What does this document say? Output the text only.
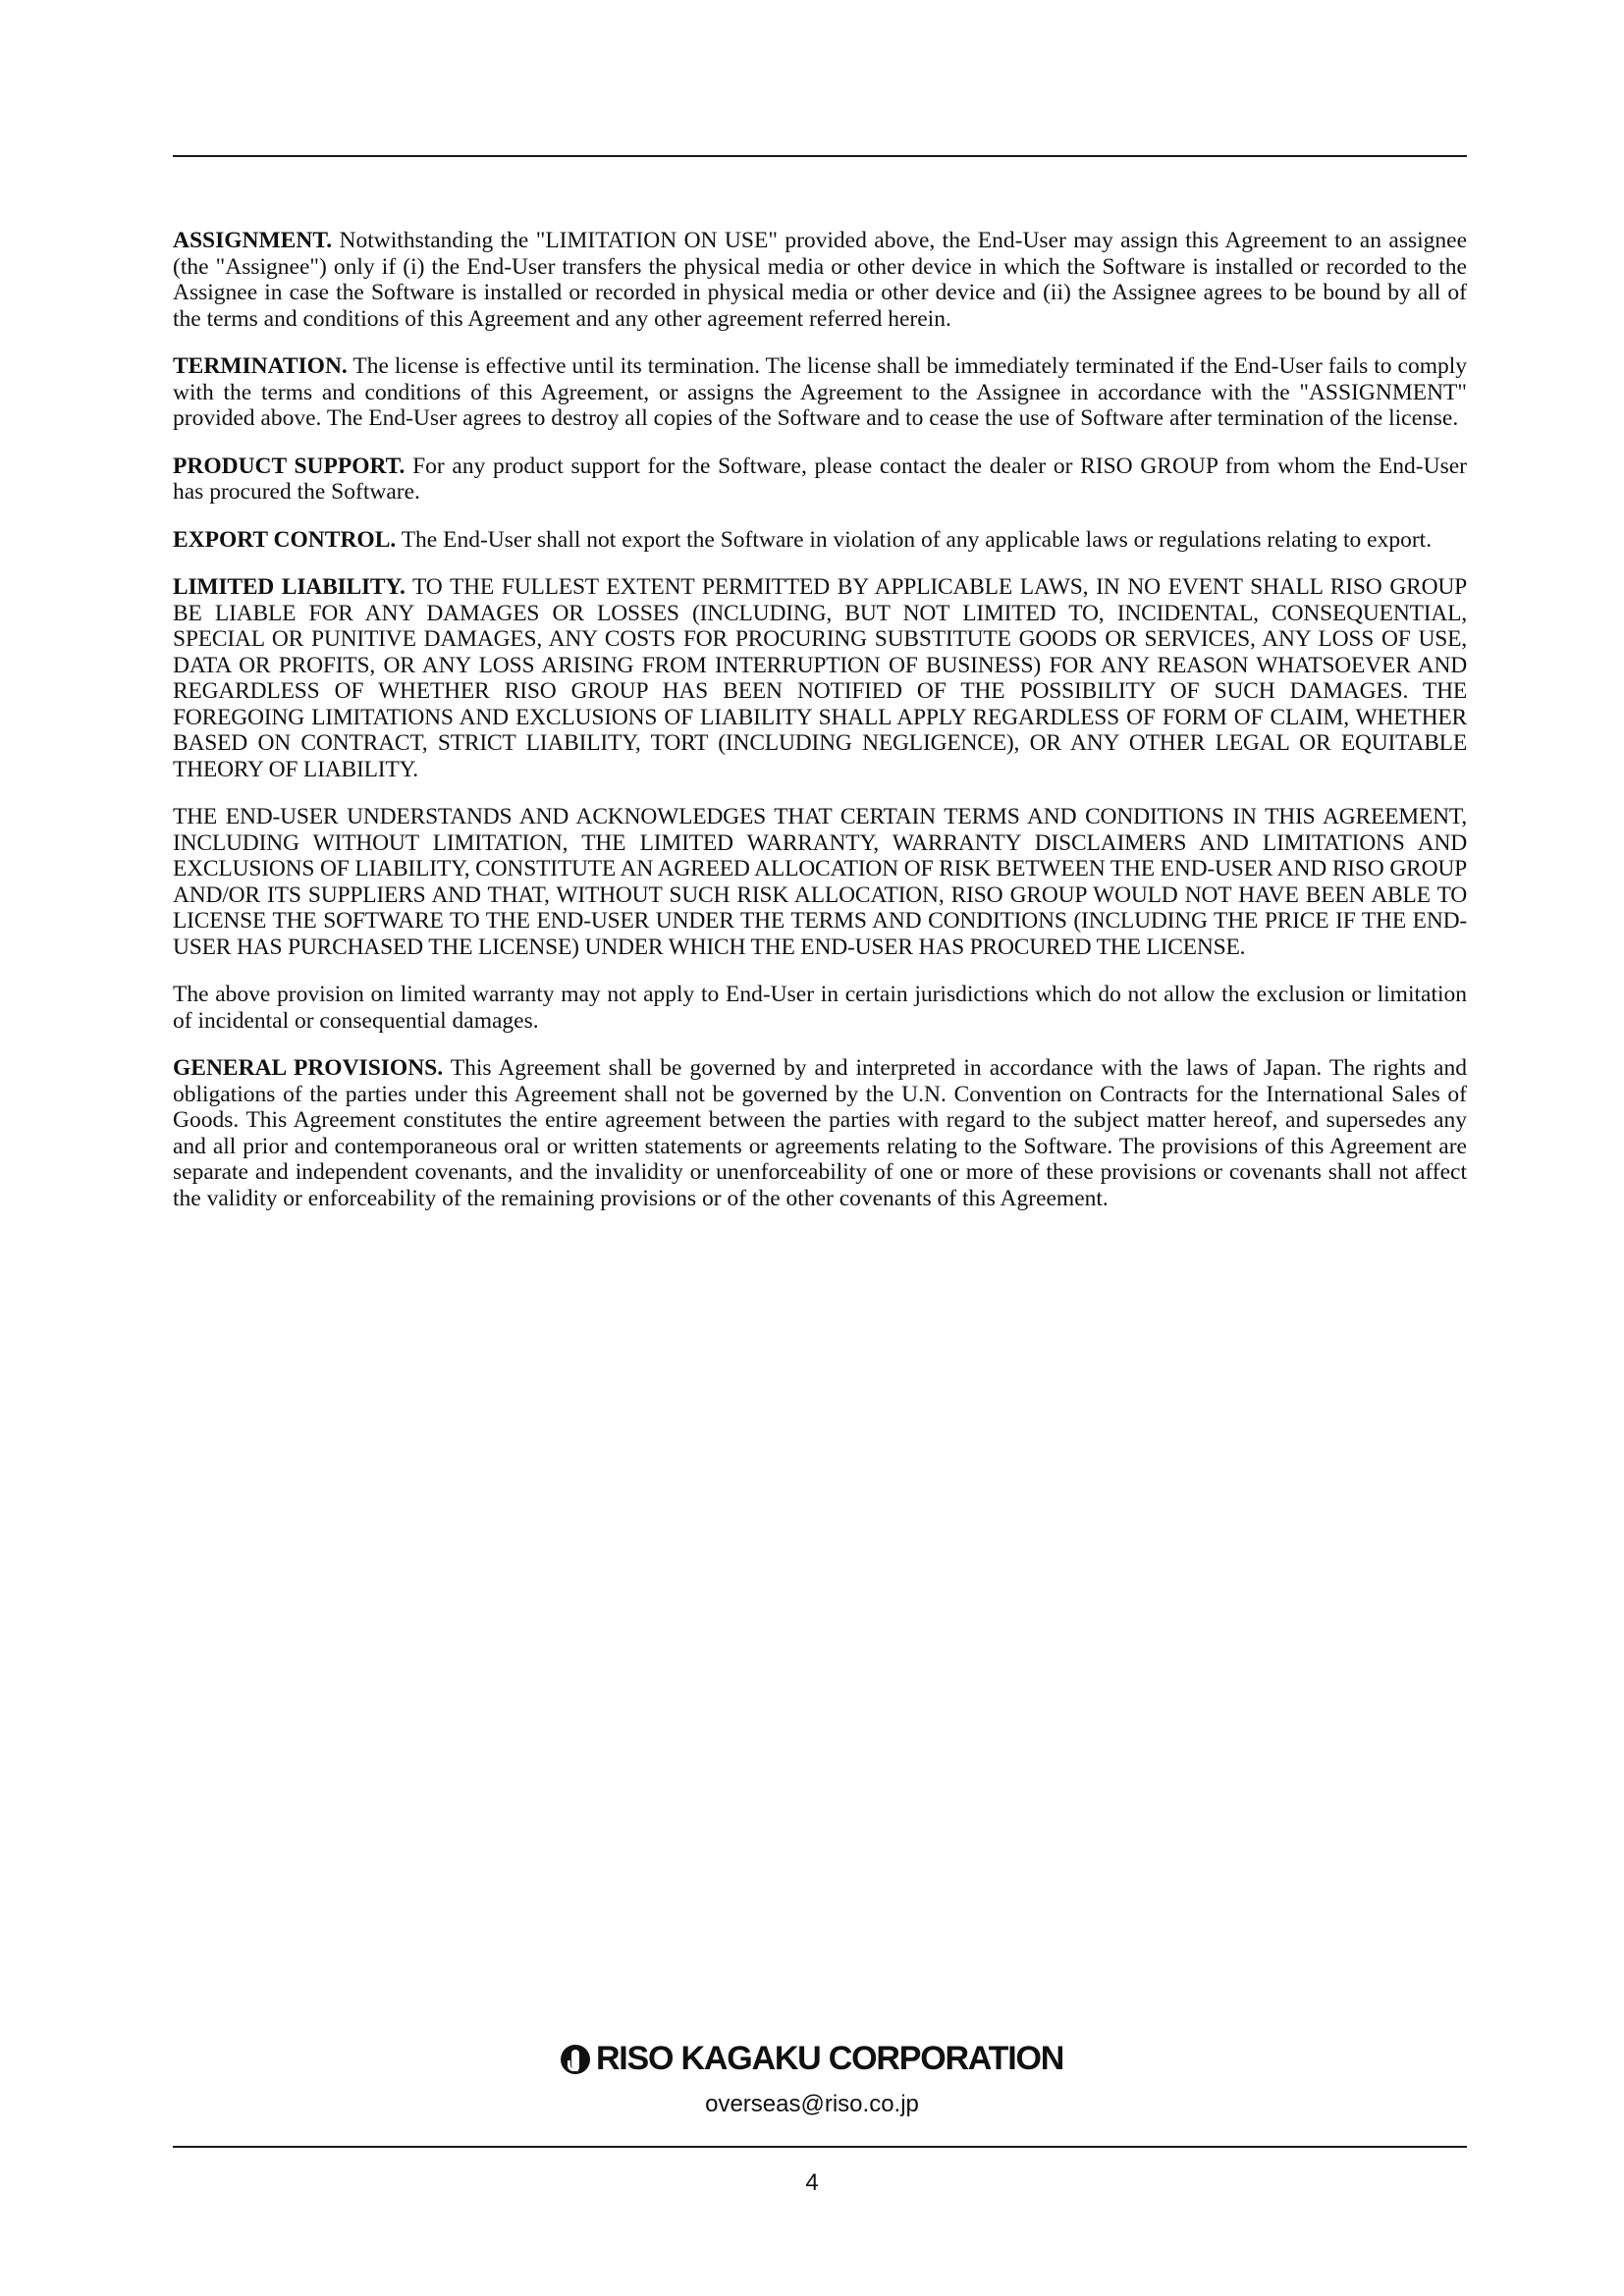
ASSIGNMENT. Notwithstanding the "LIMITATION ON USE" provided above, the End-User may assign this Agreement to an assignee (the "Assignee") only if (i) the End-User transfers the physical media or other device in which the Software is installed or recorded to the Assignee in case the Software is installed or recorded in physical media or other device and (ii) the Assignee agrees to be bound by all of the terms and conditions of this Agreement and any other agreement referred herein.

TERMINATION. The license is effective until its termination. The license shall be immediately terminated if the End-User fails to comply with the terms and conditions of this Agreement, or assigns the Agreement to the Assignee in accordance with the "ASSIGNMENT" provided above. The End-User agrees to destroy all copies of the Software and to cease the use of Software after termination of the license.

PRODUCT SUPPORT. For any product support for the Software, please contact the dealer or RISO GROUP from whom the End-User has procured the Software.

EXPORT CONTROL. The End-User shall not export the Software in violation of any applicable laws or regulations relating to export.

LIMITED LIABILITY. TO THE FULLEST EXTENT PERMITTED BY APPLICABLE LAWS, IN NO EVENT SHALL RISO GROUP BE LIABLE FOR ANY DAMAGES OR LOSSES (INCLUDING, BUT NOT LIMITED TO, INCIDENTAL, CONSEQUENTIAL, SPECIAL OR PUNITIVE DAMAGES, ANY COSTS FOR PROCURING SUBSTITUTE GOODS OR SERVICES, ANY LOSS OF USE, DATA OR PROFITS, OR ANY LOSS ARISING FROM INTERRUPTION OF BUSINESS) FOR ANY REASON WHATSOEVER AND REGARDLESS OF WHETHER RISO GROUP HAS BEEN NOTIFIED OF THE POSSIBILITY OF SUCH DAMAGES. THE FOREGOING LIMITATIONS AND EXCLUSIONS OF LIABILITY SHALL APPLY REGARDLESS OF FORM OF CLAIM, WHETHER BASED ON CONTRACT, STRICT LIABILITY, TORT (INCLUDING NEGLIGENCE), OR ANY OTHER LEGAL OR EQUITABLE THEORY OF LIABILITY.

THE END-USER UNDERSTANDS AND ACKNOWLEDGES THAT CERTAIN TERMS AND CONDITIONS IN THIS AGREEMENT, INCLUDING WITHOUT LIMITATION, THE LIMITED WARRANTY, WARRANTY DISCLAIMERS AND LIMITATIONS AND EXCLUSIONS OF LIABILITY, CONSTITUTE AN AGREED ALLOCATION OF RISK BETWEEN THE END-USER AND RISO GROUP AND/OR ITS SUPPLIERS AND THAT, WITHOUT SUCH RISK ALLOCATION, RISO GROUP WOULD NOT HAVE BEEN ABLE TO LICENSE THE SOFTWARE TO THE END-USER UNDER THE TERMS AND CONDITIONS (INCLUDING THE PRICE IF THE END-USER HAS PURCHASED THE LICENSE) UNDER WHICH THE END-USER HAS PROCURED THE LICENSE.

The above provision on limited warranty may not apply to End-User in certain jurisdictions which do not allow the exclusion or limitation of incidental or consequential damages.

GENERAL PROVISIONS. This Agreement shall be governed by and interpreted in accordance with the laws of Japan. The rights and obligations of the parties under this Agreement shall not be governed by the U.N. Convention on Contracts for the International Sales of Goods. This Agreement constitutes the entire agreement between the parties with regard to the subject matter hereof, and supersedes any and all prior and contemporaneous oral or written statements or agreements relating to the Software. The provisions of this Agreement are separate and independent covenants, and the invalidity or unenforceability of one or more of these provisions or covenants shall not affect the validity or enforceability of the remaining provisions or of the other covenants of this Agreement.

RISO KAGAKU CORPORATION
overseas@riso.co.jp
4
